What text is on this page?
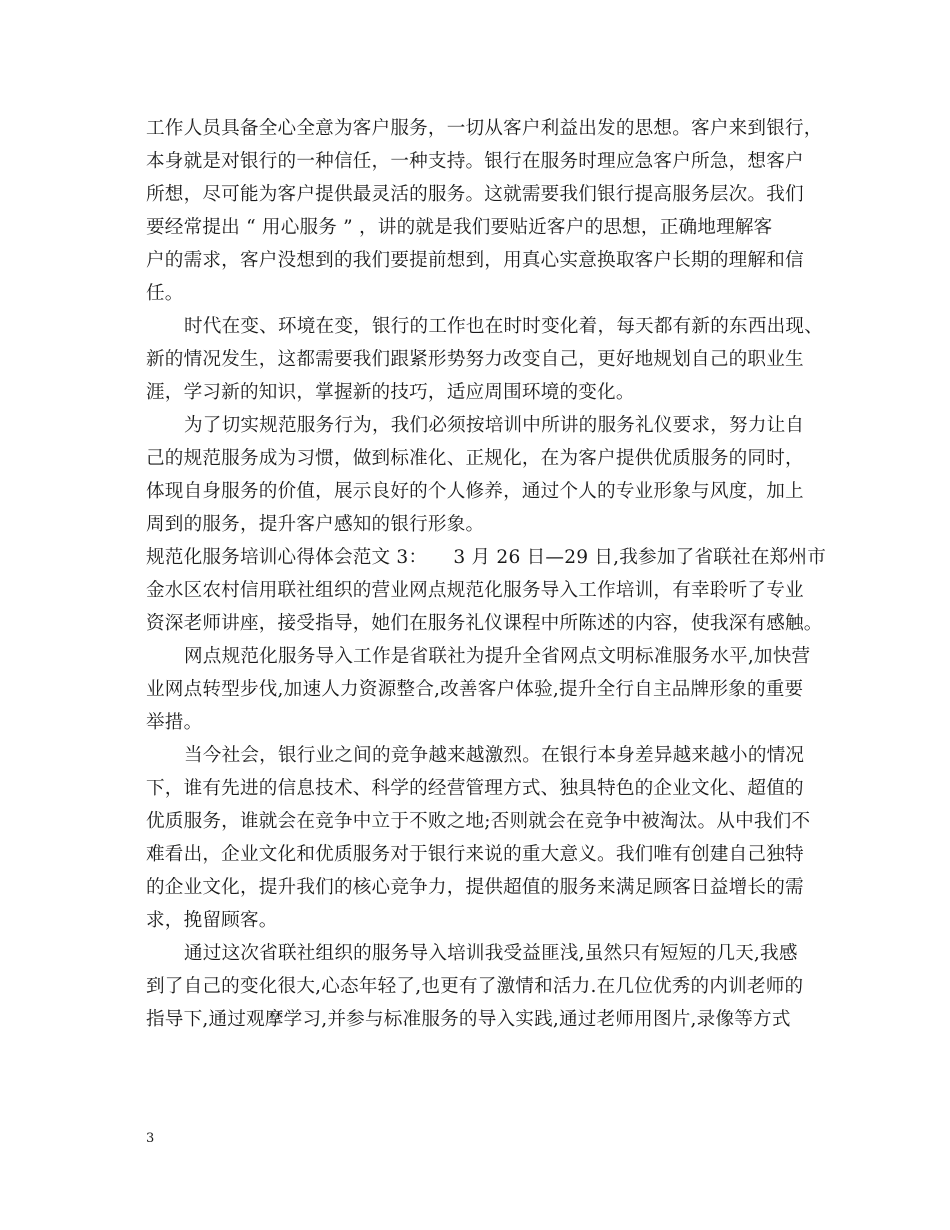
工作人员具备全心全意为客户服务，一切从客户利益出发的思想。客户来到银行，
本身就是对银行的一种信任，一种支持。银行在服务时理应急客户所急，想客户
所想，尽可能为客户提供最灵活的服务。这就需要我们银行提高服务层次。我们
要经常提出 “ 用心服务 ” ，讲的就是我们要贴近客户的思想，正确地理解客
户的需求，客户没想到的我们要提前想到，用真心实意换取客户长期的理解和信
任。
时代在变、环境在变，银行的工作也在时时变化着，每天都有新的东西出现、
新的情况发生，这都需要我们跟紧形势努力改变自己，更好地规划自己的职业生
涯，学习新的知识，掌握新的技巧，适应周围环境的变化。
为了切实规范服务行为，我们必须按培训中所讲的服务礼仪要求，努力让自
己的规范服务成为习惯，做到标准化、正规化，在为客户提供优质服务的同时，
体现自身服务的价值，展示良好的个人修养，通过个人的专业形象与风度，加上
周到的服务，提升客户感知的银行形象。
规范化服务培训心得体会范文 3： 3 月 26 日—29 日,我参加了省联社在郑州市
金水区农村信用联社组织的营业网点规范化服务导入工作培训，有幸聆听了专业
资深老师讲座，接受指导，她们在服务礼仪课程中所陈述的内容，使我深有感触。
网点规范化服务导入工作是省联社为提升全省网点文明标准服务水平,加快营
业网点转型步伐,加速人力资源整合,改善客户体验,提升全行自主品牌形象的重要
举措。
当今社会，银行业之间的竞争越来越激烈。在银行本身差异越来越小的情况
下，谁有先进的信息技术、科学的经营管理方式、独具特色的企业文化、超值的
优质服务，谁就会在竞争中立于不败之地;否则就会在竞争中被淘汰。从中我们不
难看出，企业文化和优质服务对于银行来说的重大意义。我们唯有创建自己独特
的企业文化，提升我们的核心竞争力，提供超值的服务来满足顾客日益增长的需
求，挽留顾客。
通过这次省联社组织的服务导入培训我受益匪浅,虽然只有短短的几天,我感
到了自己的变化很大,心态年轻了,也更有了激情和活力.在几位优秀的内训老师的
指导下,通过观摩学习,并参与标准服务的导入实践,通过老师用图片,录像等方式
3
